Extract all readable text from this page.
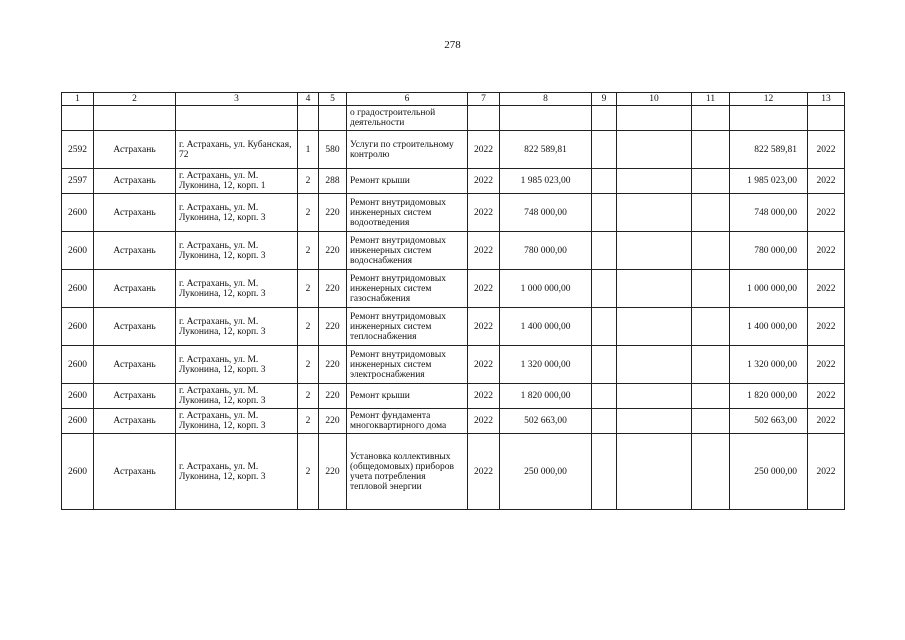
278
1	2	3	4	5	6	7	8	9	10	11	12	13
					о градостроительной деятельности							
2592	Астрахань	г. Астрахань, ул. Кубанская, 72	1	580	Услуги по строительному контролю	2022	822 589,81				822 589,81	2022
2597	Астрахань	г. Астрахань, ул. М. Луконина, 12, корп. 1	2	288	Ремонт крыши	2022	1 985 023,00				1 985 023,00	2022
2600	Астрахань	г. Астрахань, ул. М. Луконина, 12, корп. 3	2	220	Ремонт внутридомовых инженерных систем водоотведения	2022	748 000,00				748 000,00	2022
2600	Астрахань	г. Астрахань, ул. М. Луконина, 12, корп. 3	2	220	Ремонт внутридомовых инженерных систем водоснабжения	2022	780 000,00				780 000,00	2022
2600	Астрахань	г. Астрахань, ул. М. Луконина, 12, корп. 3	2	220	Ремонт внутридомовых инженерных систем газоснабжения	2022	1 000 000,00				1 000 000,00	2022
2600	Астрахань	г. Астрахань, ул. М. Луконина, 12, корп. 3	2	220	Ремонт внутридомовых инженерных систем теплоснабжения	2022	1 400 000,00				1 400 000,00	2022
2600	Астрахань	г. Астрахань, ул. М. Луконина, 12, корп. 3	2	220	Ремонт внутридомовых инженерных систем электроснабжения	2022	1 320 000,00				1 320 000,00	2022
2600	Астрахань	г. Астрахань, ул. М. Луконина, 12, корп. 3	2	220	Ремонт крыши	2022	1 820 000,00				1 820 000,00	2022
2600	Астрахань	г. Астрахань, ул. М. Луконина, 12, корп. 3	2	220	Ремонт фундамента многоквартирного дома	2022	502 663,00				502 663,00	2022
2600	Астрахань	г. Астрахань, ул. М. Луконина, 12, корп. 3	2	220	Установка коллективных (общедомовых) приборов учета потребления тепловой энергии	2022	250 000,00				250 000,00	2022
